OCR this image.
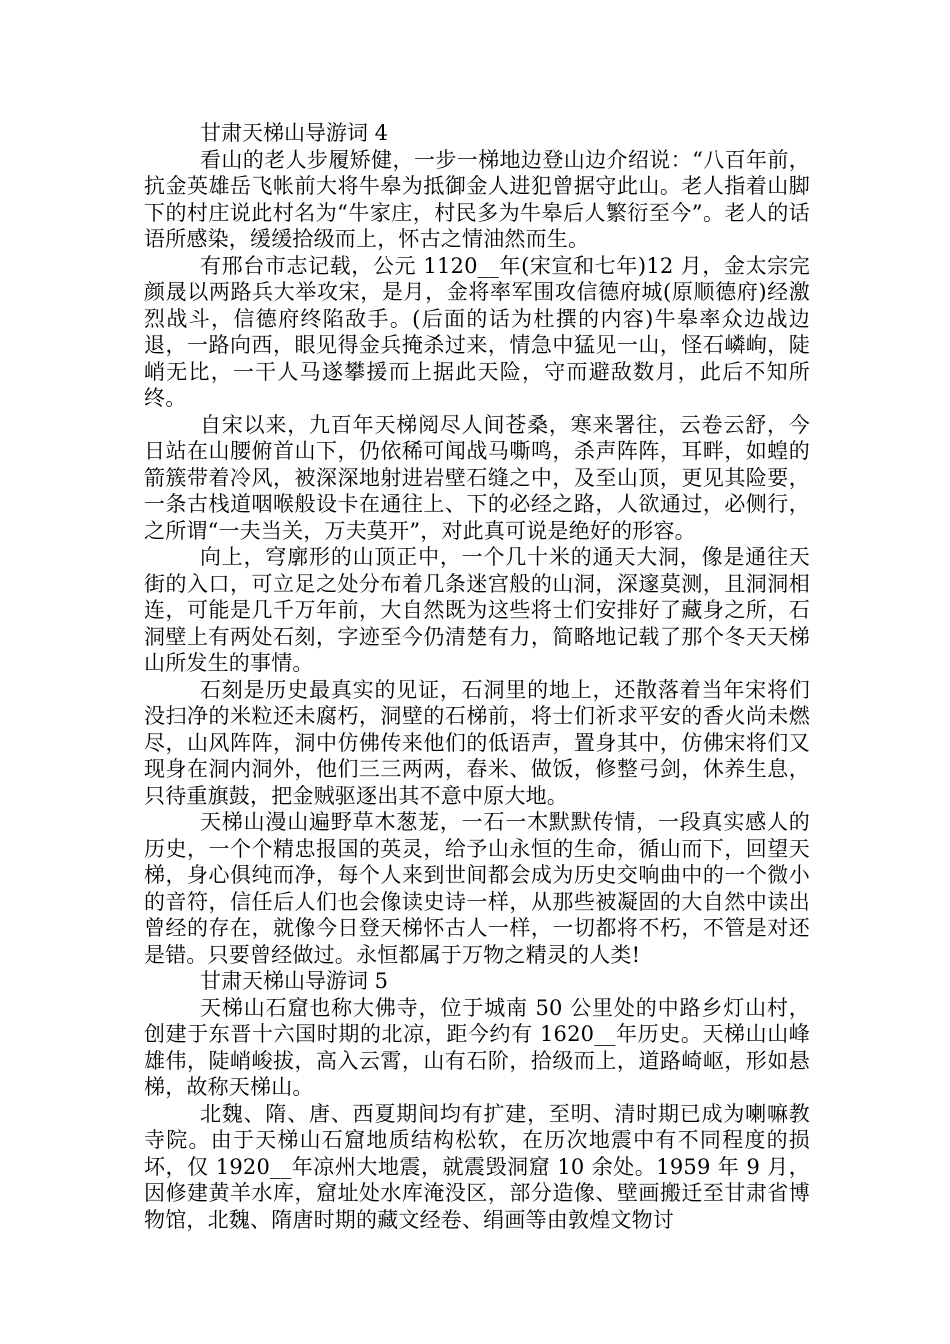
甘肃天梯山导游词 4

看山的老人步履矫健，一步一梯地边登山边介绍说：“八百年前，抗金英雄岳飞帐前大将牛皋为抵御金人进犯曾据守此山。老人指着山脚下的村庄说此村名为“牛家庄，村民多为牛皋后人繁衍至今”。老人的话语所感染，缓缓拾级而上，怀古之情油然而生。

有邢台市志记载，公元 1120__年(宋宣和七年)12 月，金太宗完颜晟以两路兵大举攻宋，是月，金将率军围攻信德府城(原顺德府)经激烈战斗，信德府终陷敌手。(后面的话为杜撰的内容)牛皋率众边战边退，一路向西，眼见得金兵掩杀过来，情急中猛见一山，怪石嶙峋，陡峭无比，一干人马遂攀援而上据此天险，守而避敌数月，此后不知所终。

自宋以来，九百年天梯阅尽人间苍桑，寒来署往，云卷云舒，今日站在山腰俯首山下，仍依稀可闻战马嘶鸣，杀声阵阵，耳畔，如蝗的箭簇带着冷风，被深深地射进岩壁石缝之中，及至山顶，更见其险要，一条古栈道咽喉般设卡在通往上、下的必经之路，人欲通过，必侧行，之所谓“一夫当关，万夫莫开”，对此真可说是绝好的形容。

向上，穹廓形的山顶正中，一个几十米的通天大洞，像是通往天街的入口，可立足之处分布着几条迷宫般的山洞，深邃莫测，且洞洞相连，可能是几千万年前，大自然既为这些将士们安排好了藏身之所，石洞壁上有两处石刻，字迹至今仍清楚有力，简略地记载了那个冬天天梯山所发生的事情。

石刻是历史最真实的见证，石洞里的地上，还散落着当年宋将们没扫净的米粒还未腐朽，洞壁的石梯前，将士们祈求平安的香火尚未燃尽，山风阵阵，洞中仿佛传来他们的低语声，置身其中，仿佛宋将们又现身在洞内洞外，他们三三两两，舂米、做饭，修整弓剑，休养生息，只待重旗鼓，把金贼驱逐出其不意中原大地。

天梯山漫山遍野草木葱茏，一石一木默默传情，一段真实感人的历史，一个个精忠报国的英灵，给予山永恒的生命，循山而下，回望天梯，身心俱纯而净，每个人来到世间都会成为历史交响曲中的一个微小的音符，信任后人们也会像读史诗一样，从那些被凝固的大自然中读出曾经的存在，就像今日登天梯怀古人一样，一切都将不朽，不管是对还是错。只要曾经做过。永恒都属于万物之精灵的人类!

甘肃天梯山导游词 5

天梯山石窟也称大佛寺，位于城南 50 公里处的中路乡灯山村，创建于东晋十六国时期的北凉，距今约有 1620__年历史。天梯山山峰雄伟，陡峭峻拔，高入云霄，山有石阶，拾级而上，道路崎岖，形如悬梯，故称天梯山。

北魏、隋、唐、西夏期间均有扩建，至明、清时期已成为喇嘛教寺院。由于天梯山石窟地质结构松软，在历次地震中有不同程度的损坏，仅 1920__年凉州大地震，就震毁洞窟 10 余处。1959 年 9 月，因修建黄羊水库，窟址处水库淹没区，部分造像、壁画搬迁至甘肃省博物馆，北魏、隋唐时期的藏文经卷、绢画等由敦煌文物讨
